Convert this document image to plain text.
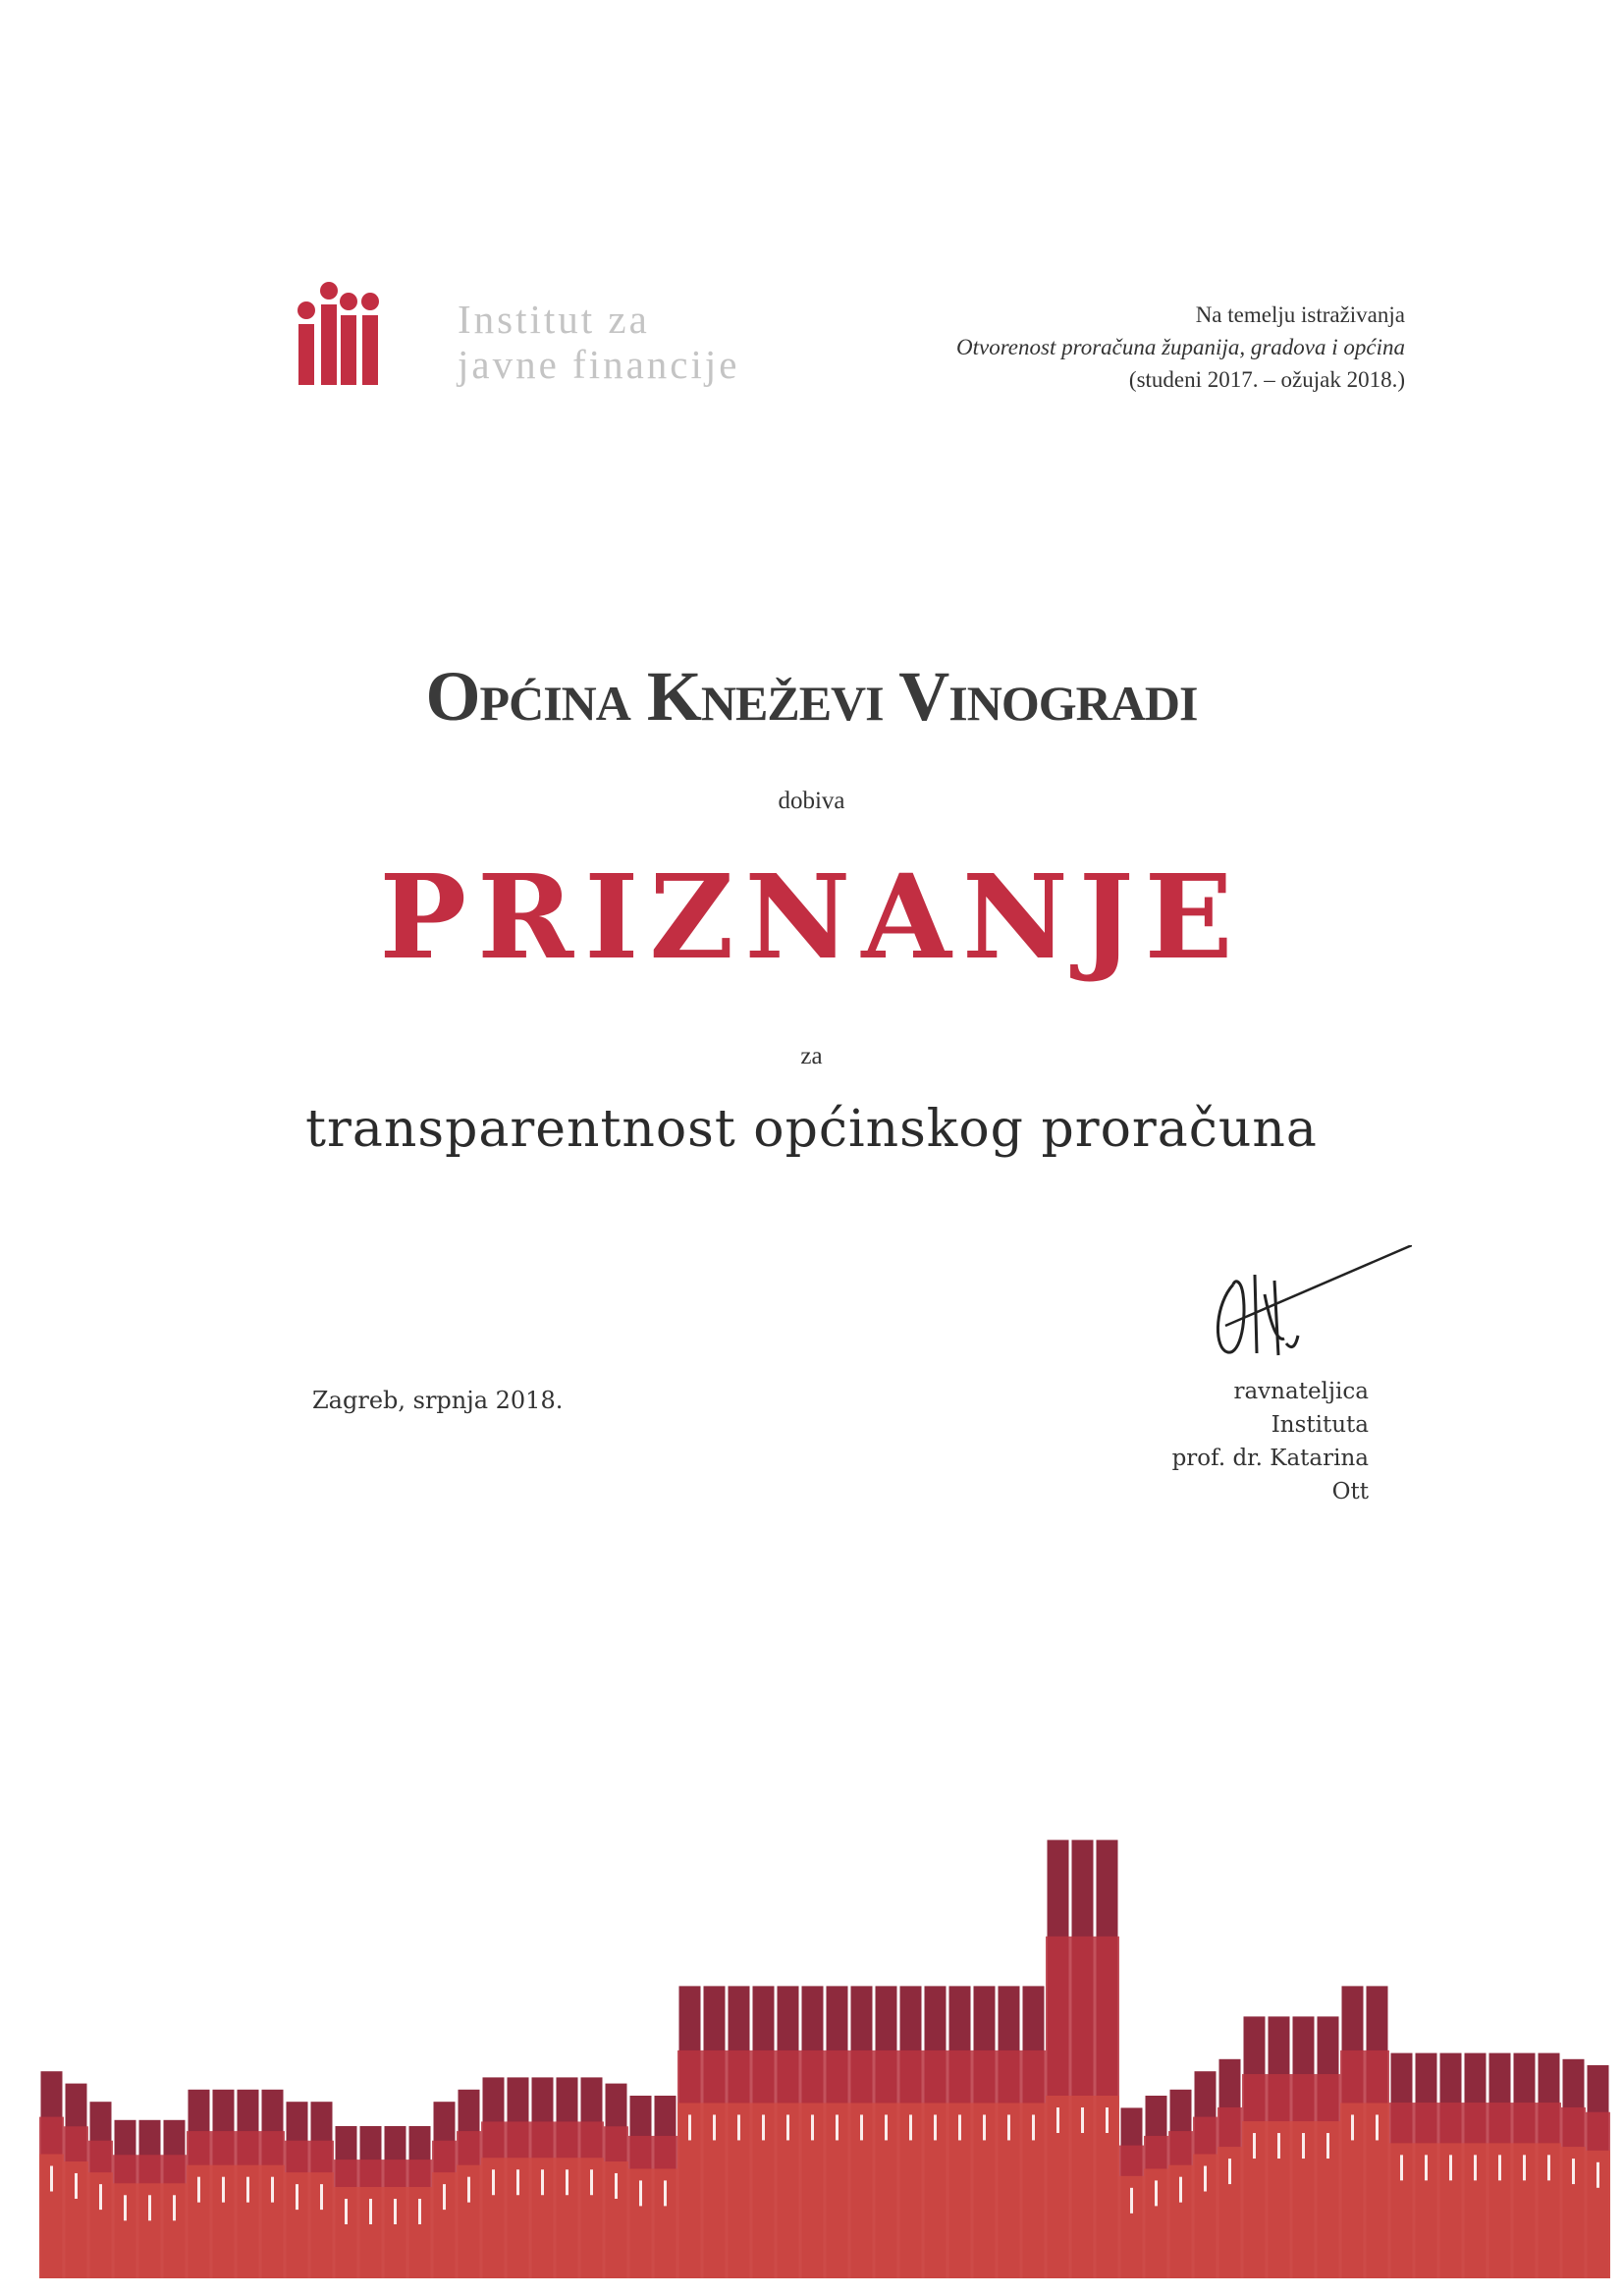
Institut za
javne financije
Na temelju istraživanja
Otvorenost proračuna županija, gradova i općina
(studeni 2017. – ožujak 2018.)
Općina Kneževi Vinogradi
dobiva
PRIZNANJE
za
transparentnost općinskog proračuna
Zagreb, srpnja 2018.	ravnateljica Instituta
prof. dr. Katarina Ott
